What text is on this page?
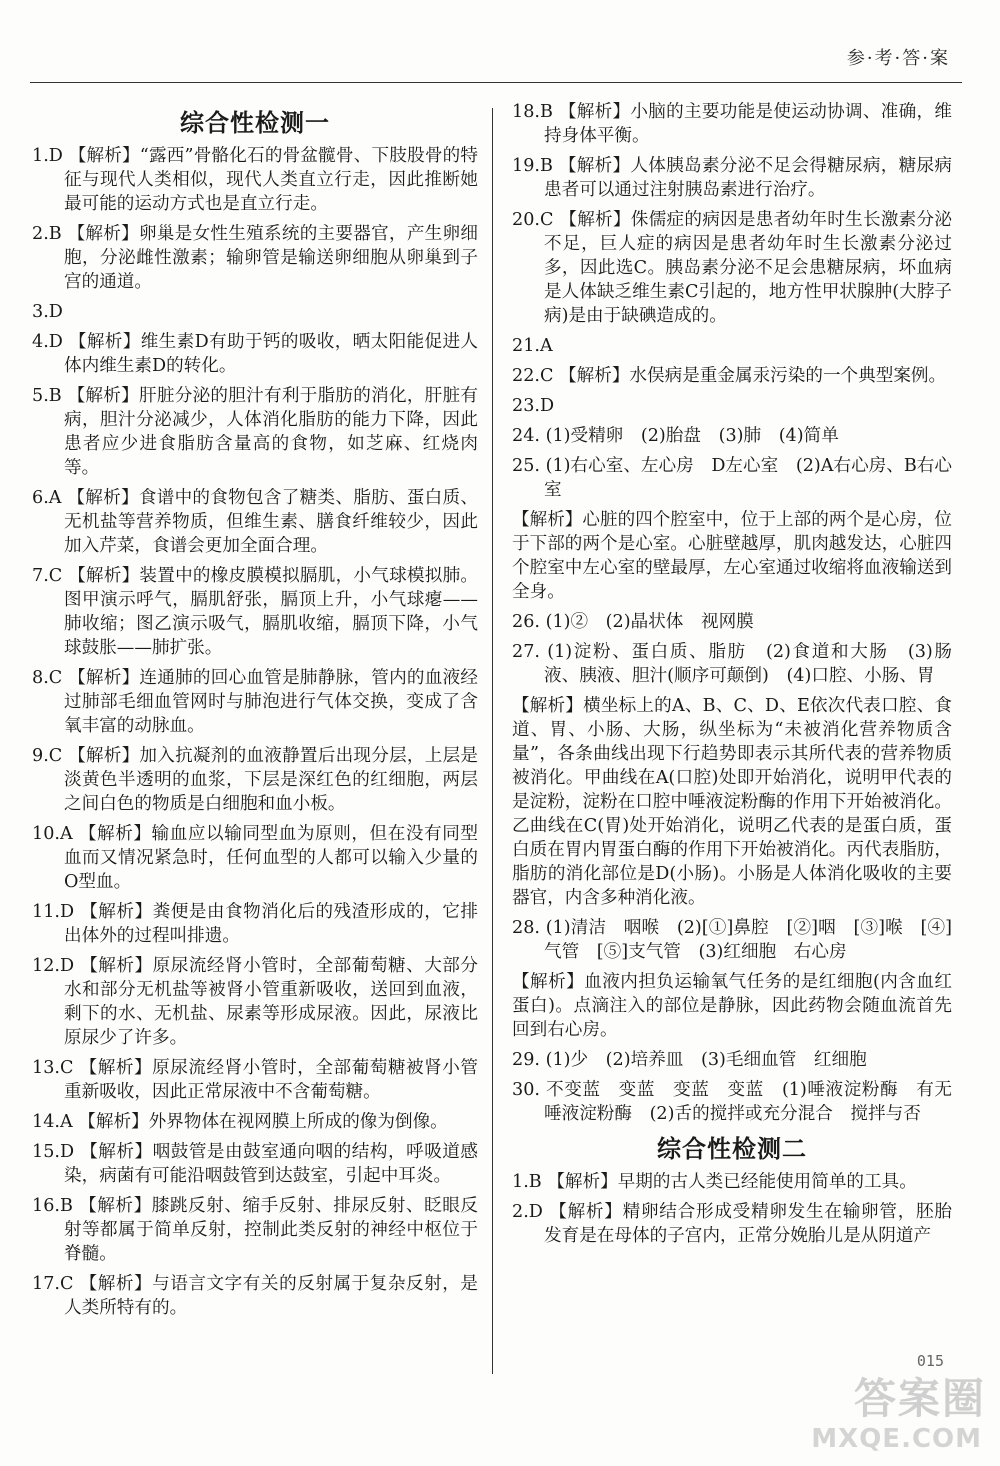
参·考·答·案
综合性检测一
1.D 【解析】“露西”骨骼化石的骨盆髋骨、下肢股骨的特征与现代人类相似，现代人类直立行走，因此推断她最可能的运动方式也是直立行走。
2.B 【解析】卵巢是女性生殖系统的主要器官，产生卵细胞，分泌雌性激素；输卵管是输送卵细胞从卵巢到子宫的通道。
3.D
4.D 【解析】维生素D有助于钙的吸收，晒太阳能促进人体内维生素D的转化。
5.B 【解析】肝脏分泌的胆汁有利于脂肪的消化，肝脏有病，胆汁分泌减少，人体消化脂肪的能力下降，因此患者应少进食脂肪含量高的食物，如芝麻、红烧肉等。
6.A 【解析】食谱中的食物包含了糖类、脂肪、蛋白质、无机盐等营养物质，但维生素、膳食纤维较少，因此加入芹菜，食谱会更加全面合理。
7.C 【解析】装置中的橡皮膜模拟膈肌，小气球模拟肺。图甲演示呼气，膈肌舒张，膈顶上升，小气球瘪——肺收缩；图乙演示吸气，膈肌收缩，膈顶下降，小气球鼓胀——肺扩张。
8.C 【解析】连通肺的回心血管是肺静脉，管内的血液经过肺部毛细血管网时与肺泡进行气体交换，变成了含氧丰富的动脉血。
9.C 【解析】加入抗凝剂的血液静置后出现分层，上层是淡黄色半透明的血浆，下层是深红色的红细胞，两层之间白色的物质是白细胞和血小板。
10.A 【解析】输血应以输同型血为原则，但在没有同型血而又情况紧急时，任何血型的人都可以输入少量的O型血。
11.D 【解析】粪便是由食物消化后的残渣形成的，它排出体外的过程叫排遗。
12.D 【解析】原尿流经肾小管时，全部葡萄糖、大部分水和部分无机盐等被肾小管重新吸收，送回到血液，剩下的水、无机盐、尿素等形成尿液。因此，尿液比原尿少了许多。
13.C 【解析】原尿流经肾小管时，全部葡萄糖被肾小管重新吸收，因此正常尿液中不含葡萄糖。
14.A 【解析】外界物体在视网膜上所成的像为倒像。
15.D 【解析】咽鼓管是由鼓室通向咽的结构，呼吸道感染，病菌有可能沿咽鼓管到达鼓室，引起中耳炎。
16.B 【解析】膝跳反射、缩手反射、排尿反射、眨眼反射等都属于简单反射，控制此类反射的神经中枢位于脊髓。
17.C 【解析】与语言文字有关的反射属于复杂反射，是人类所特有的。
18.B 【解析】小脑的主要功能是使运动协调、准确，维持身体平衡。
19.B 【解析】人体胰岛素分泌不足会得糖尿病，糖尿病患者可以通过注射胰岛素进行治疗。
20.C 【解析】侏儒症的病因是患者幼年时生长激素分泌不足，巨人症的病因是患者幼年时生长激素分泌过多，因此选C。胰岛素分泌不足会患糖尿病，坏血病是人体缺乏维生素C引起的，地方性甲状腺肿(大脖子病)是由于缺碘造成的。
21.A
22.C 【解析】水俣病是重金属汞污染的一个典型案例。
23.D
24. (1)受精卵　(2)胎盘　(3)肺　(4)简单
25. (1)右心室、左心房　D左心室　(2)A右心房、B右心室
【解析】心脏的四个腔室中，位于上部的两个是心房，位于下部的两个是心室。心脏壁越厚，肌肉越发达，心脏四个腔室中左心室的壁最厚，左心室通过收缩将血液输送到全身。
26. (1)②　(2)晶状体　视网膜
27. (1)淀粉、蛋白质、脂肪　(2)食道和大肠　(3)肠液、胰液、胆汁(顺序可颠倒)　(4)口腔、小肠、胃
【解析】横坐标上的A、B、C、D、E依次代表口腔、食道、胃、小肠、大肠，纵坐标为“未被消化营养物质含量”，各条曲线出现下行趋势即表示其所代表的营养物质被消化。甲曲线在A(口腔)处即开始消化，说明甲代表的是淀粉，淀粉在口腔中唾液淀粉酶的作用下开始被消化。乙曲线在C(胃)处开始消化，说明乙代表的是蛋白质，蛋白质在胃内胃蛋白酶的作用下开始被消化。丙代表脂肪，脂肪的消化部位是D(小肠)。小肠是人体消化吸收的主要器官，内含多种消化液。
28. (1)清洁　咽喉　(2)[①]鼻腔　[②]咽　[③]喉　[④]气管　[⑤]支气管　(3)红细胞　右心房
【解析】血液内担负运输氧气任务的是红细胞(内含血红蛋白)。点滴注入的部位是静脉，因此药物会随血流首先回到右心房。
29. (1)少　(2)培养皿　(3)毛细血管　红细胞
30. 不变蓝　变蓝　变蓝　变蓝　(1)唾液淀粉酶　有无唾液淀粉酶　(2)舌的搅拌或充分混合　搅拌与否
综合性检测二
1.B 【解析】早期的古人类已经能使用简单的工具。
2.D 【解析】精卵结合形成受精卵发生在输卵管，胚胎发育是在母体的子宫内，正常分娩胎儿是从阴道产
015
答案圈
MXQE.COM
